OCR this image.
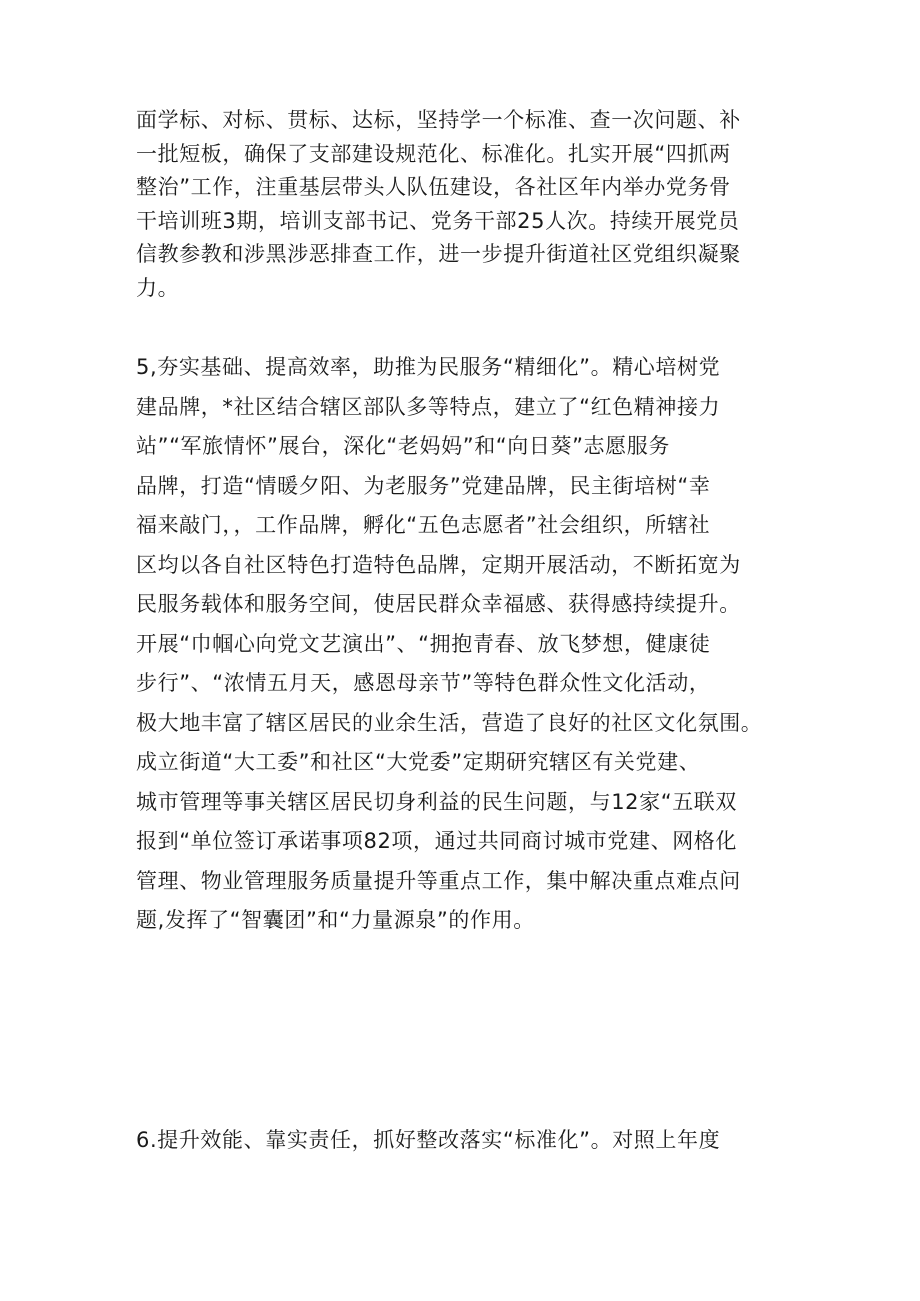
面学标、对标、贯标、达标，坚持学一个标准、查一次问题、补
一批短板，确保了支部建设规范化、标准化。扎实开展“四抓两
整治”工作，注重基层带头人队伍建设，各社区年内举办党务骨
干培训班3期，培训支部书记、党务干部25人次。持续开展党员
信教参教和涉黑涉恶排查工作，进一步提升街道社区党组织凝聚
力。
5,夯实基础、提高效率，助推为民服务“精细化”。精心培树党
建品牌，*社区结合辖区部队多等特点，建立了“红色精神接力
站”“军旅情怀”展台，深化“老妈妈”和“向日葵”志愿服务
品牌，打造“情暖夕阳、为老服务”党建品牌，民主街培树“幸
福来敲门，，工作品牌，孵化“五色志愿者”社会组织，所辖社
区均以各自社区特色打造特色品牌，定期开展活动，不断拓宽为
民服务载体和服务空间，使居民群众幸福感、获得感持续提升。
开展“巾帼心向党文艺演出”、“拥抱青春、放飞梦想，健康徒
步行”、“浓情五月天，感恩母亲节”等特色群众性文化活动，
极大地丰富了辖区居民的业余生活，营造了良好的社区文化氛围。
成立街道“大工委”和社区“大党委”定期研究辖区有关党建、
城市管理等事关辖区居民切身利益的民生问题，与12家“五联双
报到“单位签订承诺事项82项，通过共同商讨城市党建、网格化
管理、物业管理服务质量提升等重点工作，集中解决重点难点问
题,发挥了“智囊团”和“力量源泉”的作用。
6.提升效能、靠实责任，抓好整改落实“标准化”。对照上年度
